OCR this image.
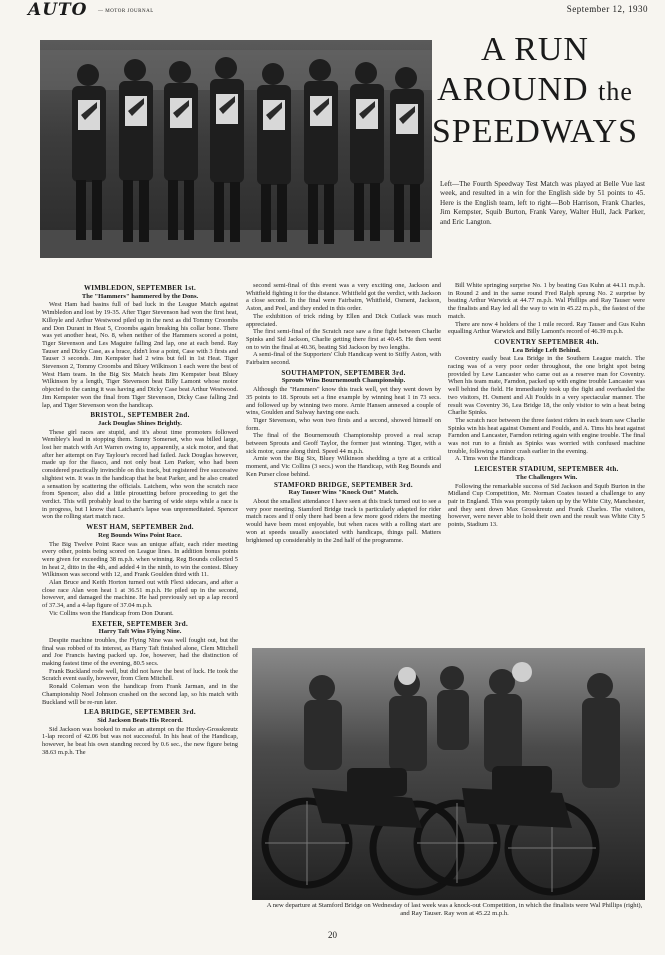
AUTO — MOTOR JOURNAL	September 12, 1930
A RUN
AROUND the
SPEEDWAYS
Left—The Fourth Speedway Test Match was played at Belle Vue last week, and resulted in a win for the English side by 51 points to 45. Here is the English team, left to right—Bob Harrison, Frank Charles, Jim Kempster, Squib Burton, Frank Varey, Walter Hull, Jack Parker, and Eric Langton.
WIMBLEDON, SEPTEMBER 1st.
The "Hammers" hammered by the Dons.

West Ham had basins full of bad luck in the League Match against Wimbledon and lost by 19-35. After Tiger Stevenson had won the first heat, Killoyle and Arthur Westwood piled up in the next as did Tommy Croombs and Don Durant in Heat 5, Croombs again breaking his collar bone. There was yet another heat, No. 8, when neither of the Hammers scored a point, Tiger Stevenson and Les Maguire falling 2nd lap, one at each bend. Ray Tauser and Dicky Case, as a brace, didn't lose a point, Case with 3 firsts and Tauser 3 seconds. Jim Kempster had 2 wins but fell in 1st Heat. Tiger Stevenson 2, Tommy Croombs and Bluey Wilkinson 1 each were the best of West Ham team. In the Big Six Match heats Jim Kempster beat Bluey Wilkinson by a length, Tiger Stevenson beat Billy Lamont whose motor objected to the caning it was having and Dicky Case beat Arthur Westwood. Jim Kempster won the final from Tiger Stevenson, Dicky Case falling 2nd lap, and Tiger Stevenson won the handicap.

BRISTOL, SEPTEMBER 2nd.
Jack Douglas Shines Brightly.

These girl races are stupid, and it's about time promoters followed Wembley's lead in stopping them. Sunny Somerset, who was billed large, lost her match with Art Warren owing to, apparently, a sick motor, and that after her attempt on Fay Taylour's record had failed. Jack Douglas however, made up for the fiasco, and not only beat Len Parker, who had been considered practically invincible on this track, but registered five successive slightest win. It was in the handicap that he beat Parker, and he also created a sensation by scattering the officials. Latchem, who won the scratch race from Spencer, also did a little pirouetting before proceeding to get the verdict. This will probably lead to the barring of wide steps while a race is in progress, but I know that Latcham's lapse was unpremeditated. Spencer won the rolling start match race.

WEST HAM, SEPTEMBER 2nd.
Reg Bounds Wins Point Race.

The Big Twelve Point Race was an unique affair, each rider meeting every other, points being scored on League lines. In addition bonus points were given for exceeding 38 m.p.h. when winning. Reg Bounds collected 5 in heat 2, ditto in the 4th, and added 4 in the ninth, to win the contest. Bluey Wilkinson was second with 12, and Frank Goulden third with 11.

Alan Bruce and Keith Horton turned out with Flexi sidecars, and after a close race Alan won heat 1 at 36.51 m.p.h. He piled up in the second, however, and damaged the machine. He had previously set up a lap record of 37.34, and a 4-lap figure of 37.04 m.p.h.

Vic Collins won the Handicap from Don Durant.

EXETER, SEPTEMBER 3rd.
Harry Taft Wins Flying Nine.

Despite machine troubles, the Flying Nine was well fought out, but the final was robbed of its interest, as Harry Taft finished alone, Clem Mitchell and Joe Francis having packed up. Joe, however, had the distinction of making fastest time of the evening, 80.5 secs.

Frank Buckland rode well, but did not have the best of luck. He took the Scratch event easily, however, from Clem Mitchell.

Ronald Coleman won the handicap from Frank Jarman, and in the Championship Noel Johnson crashed on the second lap, so his match with Buckland will be re-run later.

LEA BRIDGE, SEPTEMBER 3rd.
Sid Jackson Beats His Record.

Sid Jackson was booked to make an attempt on the Huxley-Grosskreutz 1-lap record of 42.06 but was not successful. In his heat of the Handicap, however, he beat his own standing record by 0.6 sec., the new figure being 38.63 m.p.h. The

second semi-final of this event was a very exciting one, Jackson and Whitfield fighting it for the distance. Whitfield got the verdict, with Jackson a close second. In the final were Fairbairn, Whitfield, Osment, Jackson, Aston, and Peel, and they ended in this order.

The exhibition of trick riding by Ellen and Dick Cutlack was much appreciated.

The first semi-final of the Scratch race saw a fine fight between Charlie Spinks and Sid Jackson, Charlie getting there first at 40.45. He then went on to win the final at 40.36, beating Sid Jackson by two lengths.

A semi-final of the Supporters' Club Handicap went to Stiffy Aston, with Fairbairn second.

SOUTHAMPTON, SEPTEMBER 3rd.
Sprouts Wins Bournemouth Championship.

Although the "Hammers" know this track well, yet they went down by 35 points to 18. Sprouts set a fine example by winning heat 1 in 73 secs. and followed up by winning two more. Arnie Hansen annexed a couple of wins, Goulden and Sulway having one each.

Tiger Stevenson, who won two firsts and a second, showed himself on form.

The final of the Bournemouth Championship proved a real scrap between Sprouts and Geoff Taylor, the former just winning. Tiger, with a sick motor, came along third. Speed 44 m.p.h.

Arnie won the Big Six, Bluey Wilkinson shedding a tyre at a critical moment, and Vic Collins (3 secs.) won the Handicap, with Reg Bounds and Ken Purser close behind.

STAMFORD BRIDGE, SEPTEMBER 3rd.
Ray Tauser Wins "Knock Out" Match.

About the smallest attendance I have seen at this track turned out to see a very poor meeting. Stamford Bridge track is particularly adapted for rider match races and if only there had been a few more good riders the meeting would have been most enjoyable, but when races with a rolling start are won at speeds usually associated with handicaps, things pall. Matters brightened up considerably in the 2nd half of the programme.

Bill White springing surprise No. 1 by beating Gus Kuhn at 44.11 m.p.h. in Round 2 and in the same round Fred Ralph sprung No. 2 surprise by beating Arthur Warwick at 44.77 m.p.h. Wal Phillips and Ray Tauser were the finalists and Ray led all the way to win in 45.22 m.p.h., the fastest of the match.

There are now 4 holders of the 1 mile record. Ray Tauser and Gus Kuhn equalling Arthur Warwick and Billy Lamont's record of 46.39 m.p.h.

COVENTRY SEPTEMBER 4th.
Lea Bridge Left Behind.

Coventry easily beat Lea Bridge in the Southern League match. The racing was of a very poor order throughout, the one bright spot being provided by Lew Lancaster who came out as a reserve man for Coventry. When his team mate, Farndon, packed up with engine trouble Lancaster was well behind the field. He immediately took up the fight and overhauled the two visitors, H. Osment and Ali Foulds in a very spectacular manner. The result was Coventry 36, Lea Bridge 18, the only visitor to win a heat being Charlie Spinks.

The scratch race between the three fastest riders in each team saw Charlie Spinks win his heat against Osment and Foulds, and A. Tims his heat against Farndon and Lancaster, Farndon retiring again with engine trouble. The final was not run to a finish as Spinks was worried with confused machine trouble, following a minor crash earlier in the evening.

A. Tims won the Handicap.

LEICESTER STADIUM, SEPTEMBER 4th.
The Challengers Win.

Following the remarkable success of Sid Jackson and Squib Burton in the Midland Cup Competition, Mr. Norman Coates issued a challenge to any pair in England. This was promptly taken up by the White City, Manchester, and they sent down Max Grosskreutz and Frank Charles. The visitors, however, were never able to hold their own and the result was White City 5 points, Stadium 13.

A new departure at Stamford Bridge on Wednesday of last week was a knock-out Competition, in which the finalists were Wal Phillips (right), and Ray Tauser. Ray won at 45.22 m.p.h.
20
